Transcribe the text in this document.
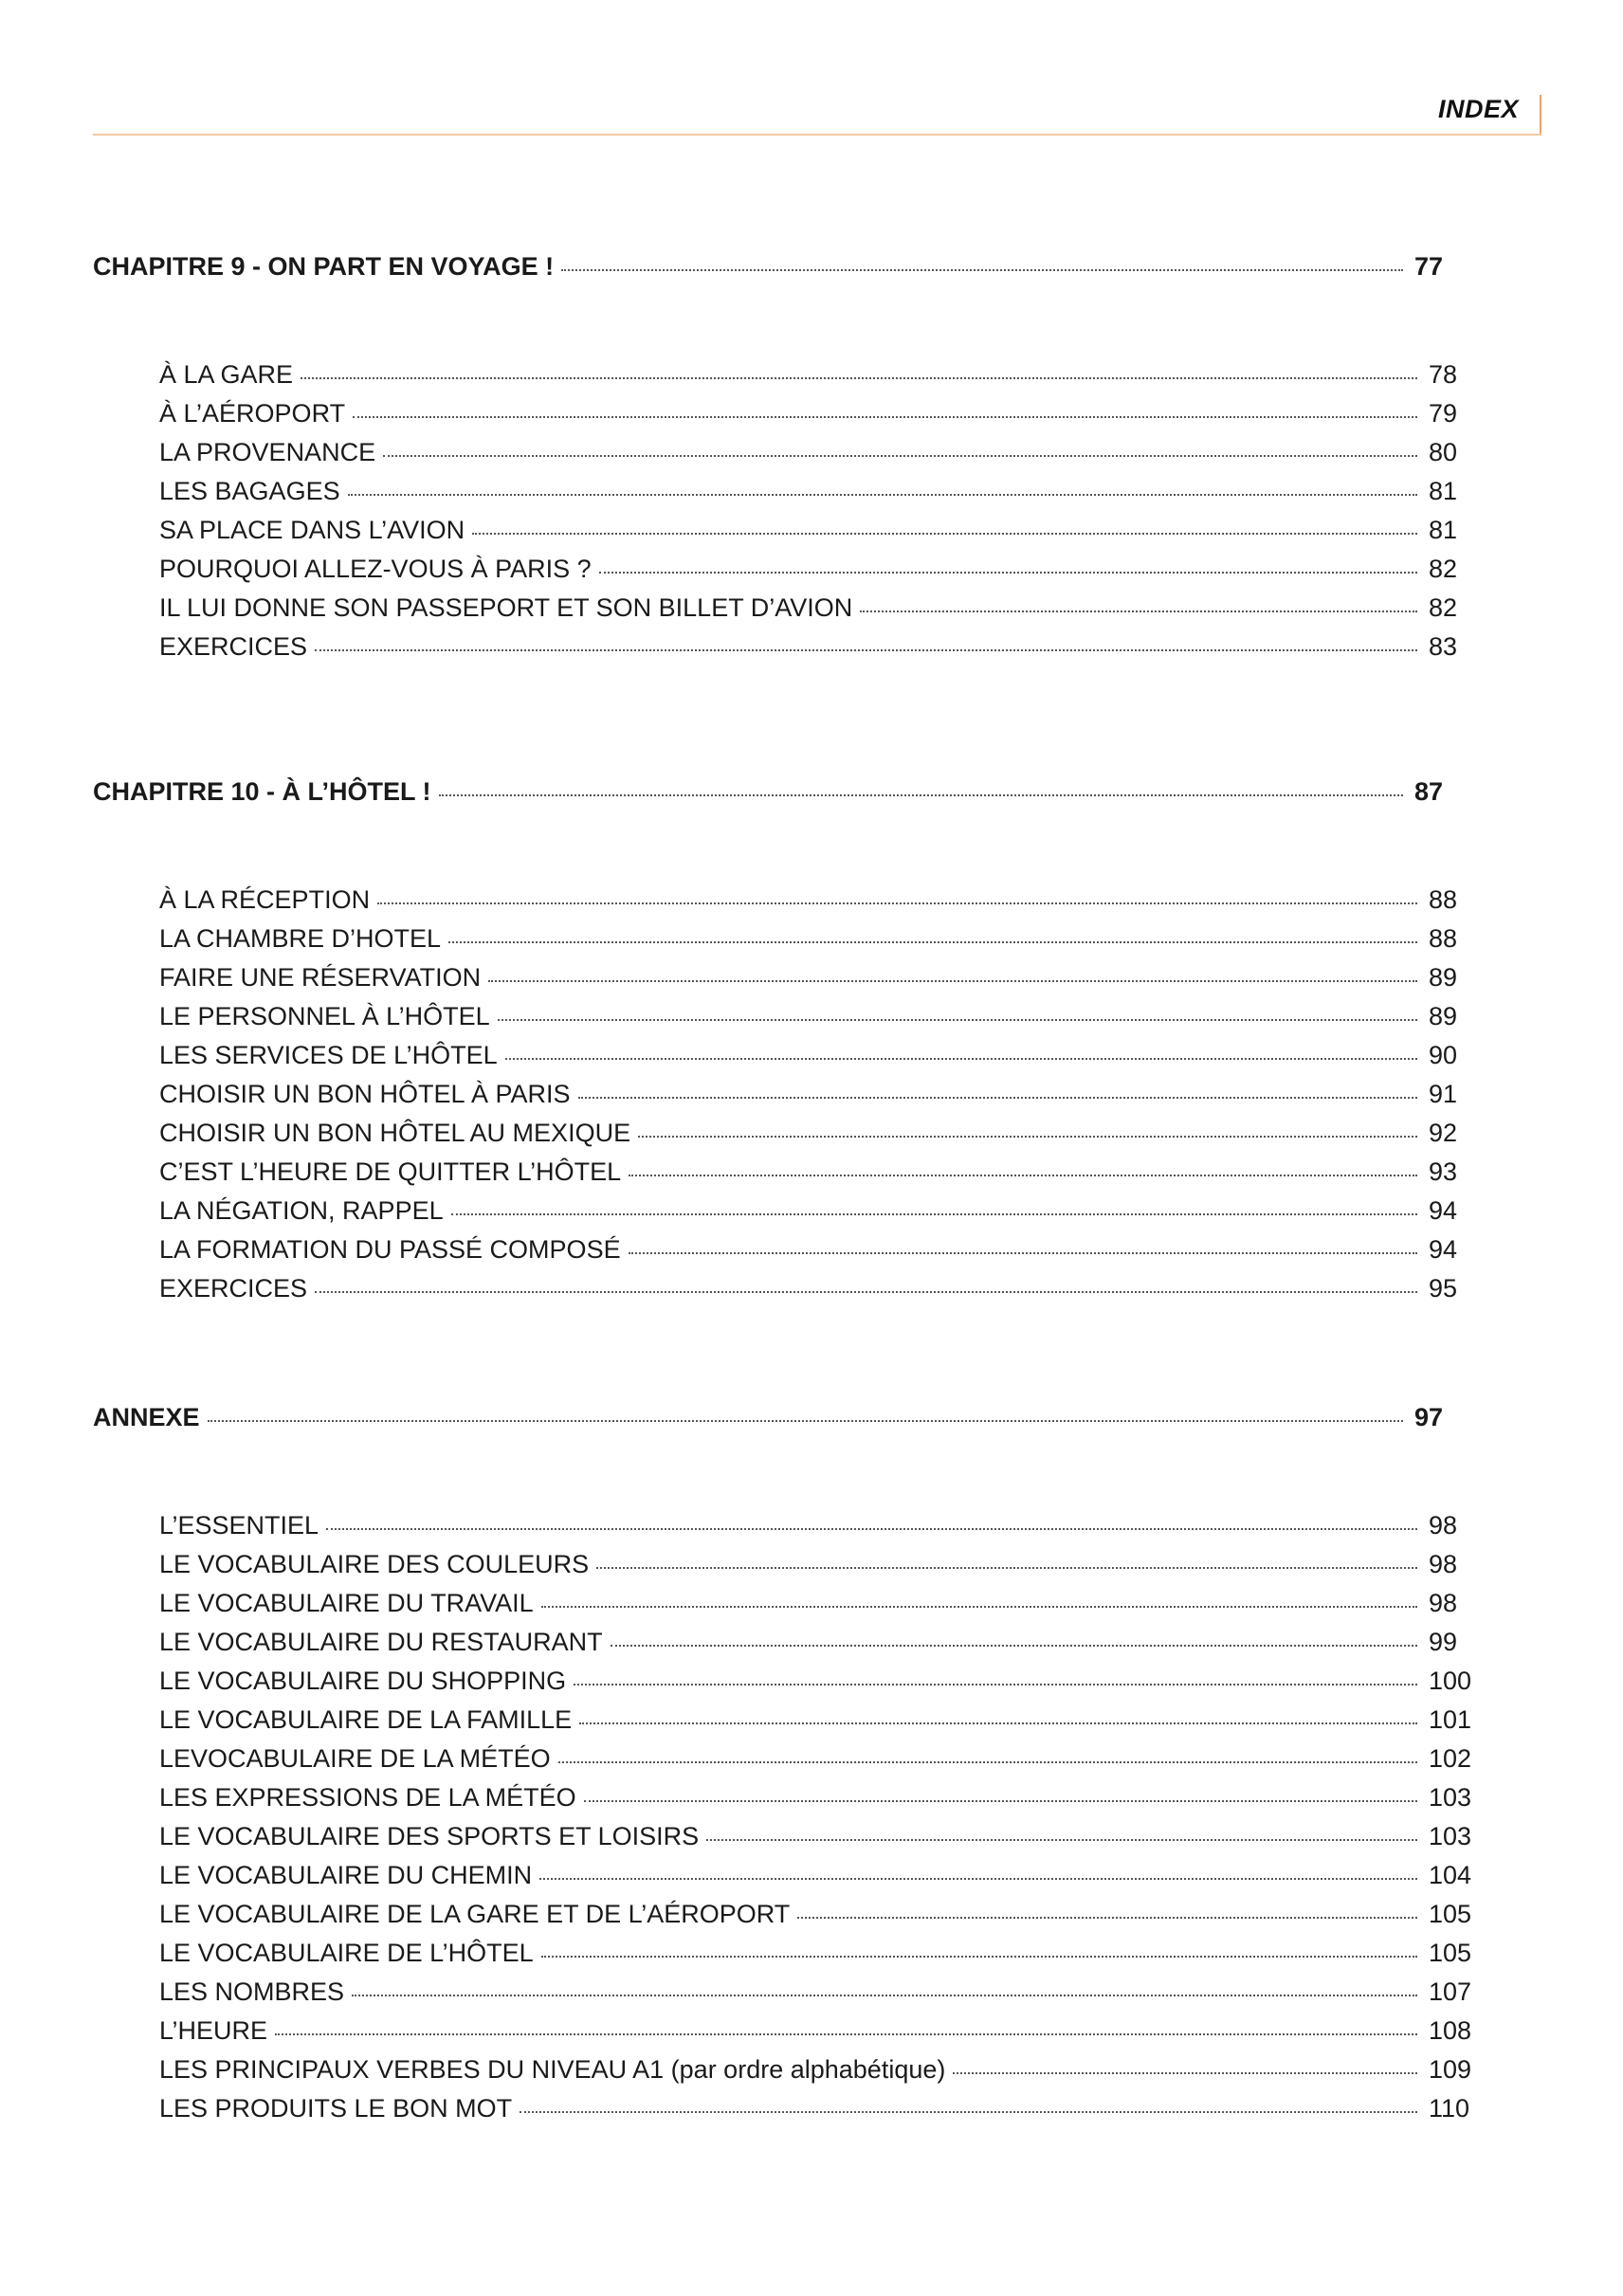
INDEX
CHAPITRE 9 - ON PART EN VOYAGE !	77
À LA GARE	78
À L’AÉROPORT	79
LA PROVENANCE	80
LES BAGAGES	81
SA PLACE DANS L’AVION	81
POURQUOI ALLEZ-VOUS À PARIS ?	82
IL LUI DONNE SON PASSEPORT ET SON BILLET D’AVION	82
EXERCICES	83
CHAPITRE 10 - À L’HÔTEL !	87
À LA RÉCEPTION	88
LA CHAMBRE D’HOTEL	88
FAIRE UNE RÉSERVATION	89
LE PERSONNEL À L’HÔTEL	89
LES SERVICES DE L’HÔTEL	90
CHOISIR UN BON HÔTEL À PARIS	91
CHOISIR UN BON HÔTEL AU MEXIQUE	92
C’EST L’HEURE DE QUITTER L’HÔTEL	93
LA NÉGATION, RAPPEL	94
LA FORMATION DU PASSÉ COMPOSÉ	94
EXERCICES	95
ANNEXE	97
L’ESSENTIEL	98
LE VOCABULAIRE DES COULEURS	98
LE VOCABULAIRE DU TRAVAIL	98
LE VOCABULAIRE DU RESTAURANT	99
LE VOCABULAIRE DU SHOPPING	100
LE VOCABULAIRE DE LA FAMILLE	101
LEVOCABULAIRE DE LA MÉTÉO	102
LES EXPRESSIONS DE LA MÉTÉO	103
LE VOCABULAIRE DES SPORTS ET LOISIRS	103
LE VOCABULAIRE DU CHEMIN	104
LE VOCABULAIRE DE LA GARE ET DE L’AÉROPORT	105
LE VOCABULAIRE DE L’HÔTEL	105
LES NOMBRES	107
L’HEURE	108
LES PRINCIPAUX VERBES DU NIVEAU A1 (par ordre alphabétique)	109
LES PRODUITS LE BON MOT	110
